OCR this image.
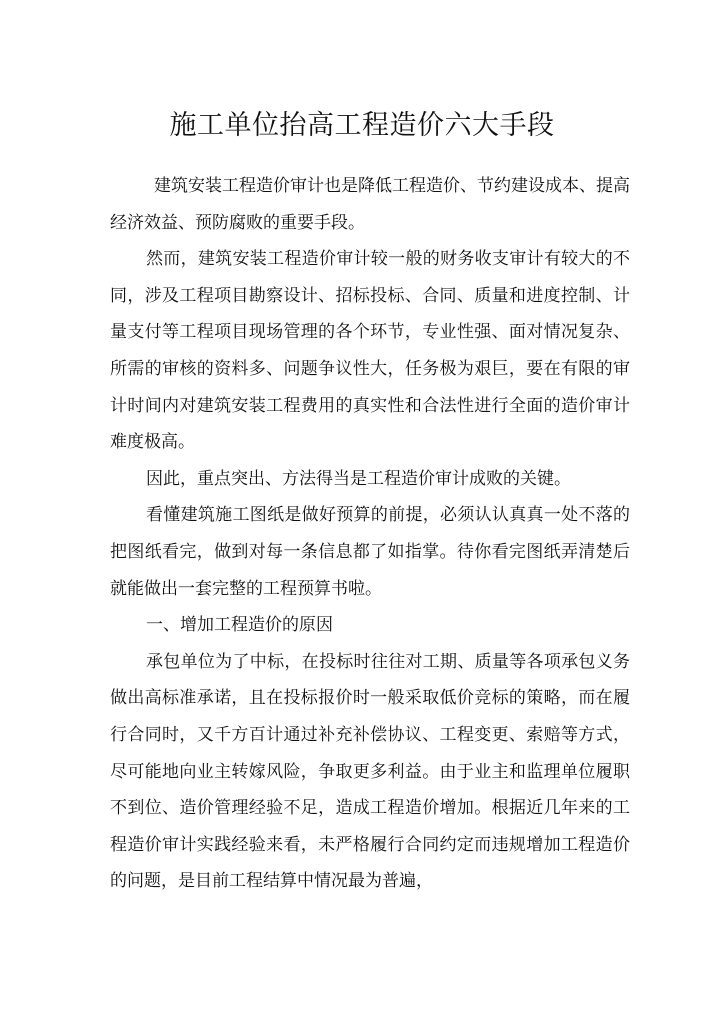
施工单位抬高工程造价六大手段

建筑安装工程造价审计也是降低工程造价、节约建设成本、提高经济效益、预防腐败的重要手段。

然而，建筑安装工程造价审计较一般的财务收支审计有较大的不同，涉及工程项目勘察设计、招标投标、合同、质量和进度控制、计量支付等工程项目现场管理的各个环节，专业性强、面对情况复杂、所需的审核的资料多、问题争议性大，任务极为艰巨，要在有限的审计时间内对建筑安装工程费用的真实性和合法性进行全面的造价审计难度极高。

因此，重点突出、方法得当是工程造价审计成败的关键。

看懂建筑施工图纸是做好预算的前提，必须认认真真一处不落的把图纸看完，做到对每一条信息都了如指掌。待你看完图纸弄清楚后就能做出一套完整的工程预算书啦。

一、增加工程造价的原因

承包单位为了中标，在投标时往往对工期、质量等各项承包义务做出高标准承诺，且在投标报价时一般采取低价竞标的策略，而在履行合同时，又千方百计通过补充补偿协议、工程变更、索赔等方式，尽可能地向业主转嫁风险，争取更多利益。由于业主和监理单位履职不到位、造价管理经验不足，造成工程造价增加。根据近几年来的工程造价审计实践经验来看，未严格履行合同约定而违规增加工程造价的问题，是目前工程结算中情况最为普遍，
